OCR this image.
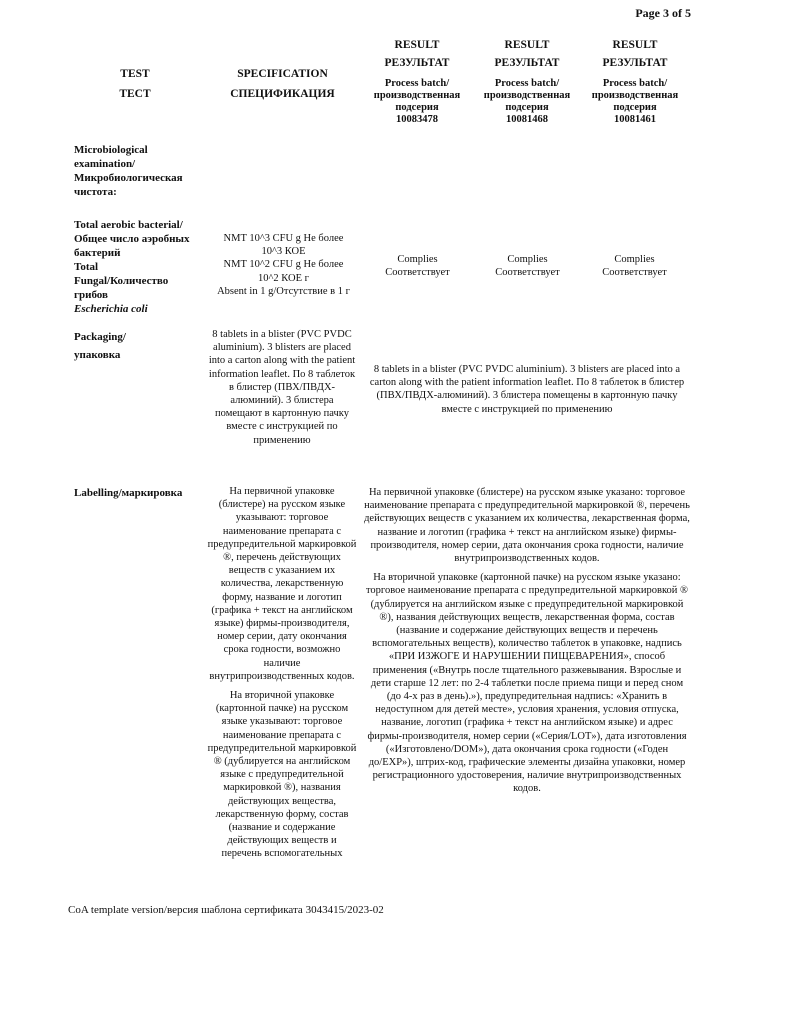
Page 3 of 5
TEST
ТЕСТ
SPECIFICATION
СПЕЦИФИКАЦИЯ
RESULT
РЕЗУЛЬТАТ
Process batch/ производственная подсерия
10083478
RESULT
РЕЗУЛЬТАТ
Process batch/ производственная подсерия
10081468
RESULT
РЕЗУЛЬТАТ
Process batch/ производственная подсерия
10081461
Microbiological
examination/
Микробиологическая
чистота:
Total aerobic bacterial/
Общее число аэробных
бактерий
Total
Fungal/Количество
грибов
Escherichia coli
NMT 10^3 CFU g Не более
10^3 КОЕ
NMT 10^2 CFU g Не более
10^2 КОЕ г
Absent in 1 g/Отсутствие в 1 г
Complies
Соответствует
Complies
Соответствует
Complies
Соответствует
Packaging/
упаковка
8 tablets in a blister (PVC PVDC aluminium). 3 blisters are placed into a carton along with the patient information leaflet. По 8 таблеток в блистер (ПВХ/ПВДХ-алюминий). 3 блистера помещают в картонную пачку вместе с инструкцией по применению
8 tablets in a blister (PVC PVDC aluminium). 3 blisters are placed into a carton along with the patient information leaflet. По 8 таблеток в блистер (ПВХ/ПВДХ-алюминий). 3 блистера помещены в картонную пачку вместе с инструкцией по применению
Labelling/маркировка	На первичной упаковке (блистере) на русском языке указывают: торговое наименование препарата с предупредительной маркировкой ®, перечень действующих веществ с указанием их количества, лекарственную форму, название и логотип (графика + текст на английском языке) фирмы-производителя, номер серии, дату окончания срока годности, возможно наличие внутрипроизводственных кодов.

На вторичной упаковке (картонной пачке) на русском языке указывают: торговое наименование препарата с предупредительной маркировкой ® (дублируется на английском языке с предупредительной маркировкой ®), названия действующих вещества, лекарственную форму, состав (название и содержание действующих веществ и перечень вспомогательных

На первичной упаковке (блистере) на русском языке указано: торговое наименование препарата с предупредительной маркировкой ®, перечень действующих веществ с указанием их количества, лекарственная форма, название и логотип (графика + текст на английском языке) фирмы-производителя, номер серии, дата окончания срока годности, наличие внутрипроизводственных кодов.

На вторичной упаковке (картонной пачке) на русском языке указано: торговое наименование препарата с предупредительной маркировкой ® (дублируется на английском языке с предупредительной маркировкой ®), названия действующих веществ, лекарственная форма, состав (название и содержание действующих веществ и перечень вспомогательных веществ), количество таблеток в упаковке, надпись «ПРИ ИЗЖОГЕ И НАРУШЕНИИ ПИЩЕВАРЕНИЯ», способ применения («Внутрь после тщательного разжевывания. Взрослые и дети старше 12 лет: по 2-4 таблетки после приема пищи и перед сном (до 4-х раз в день).»), предупредительная надпись: «Хранить в недоступном для детей месте», условия хранения, условия отпуска, название, логотип (графика + текст на английском языке) и адрес фирмы-производителя, номер серии («Серия/LOT»), дата изготовления («Изготовлено/DOM»), дата окончания срока годности («Годен до/EXP»), штрих-код, графические элементы дизайна упаковки, номер регистрационного удостоверения, наличие внутрипроизводственных кодов.

CoA template version/версия шаблона сертификата 3043415/2023-02
